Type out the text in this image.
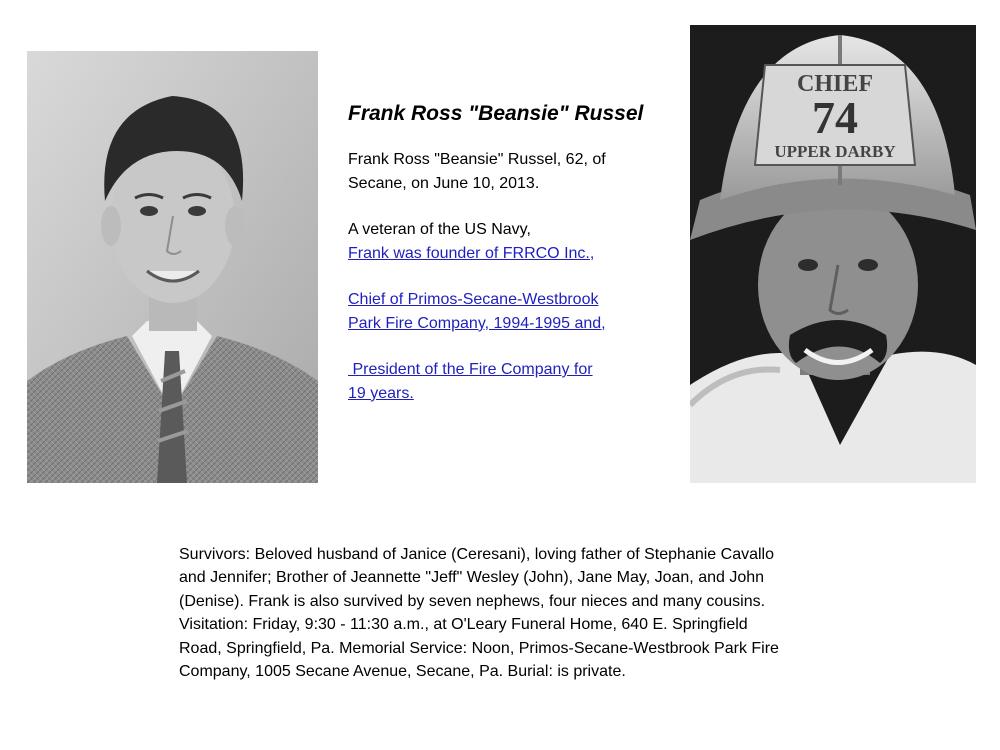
Frank Ross "Beansie" Russel
Frank Ross "Beansie" Russel, 62, of
Secane, on June 10, 2013.
A veteran of the US Navy,
Frank was founder of FRRCO Inc.,
Chief of Primos-Secane-Westbrook
Park Fire Company, 1994-1995 and,
President of the Fire Company for
19 years.
CHIEF
74
UPPER DARBY
Survivors: Beloved husband of Janice (Ceresani), loving father of Stephanie Cavallo
and Jennifer; Brother of Jeannette "Jeff" Wesley (John), Jane May, Joan, and John
(Denise). Frank is also survived by seven nephews, four nieces and many cousins.
Visitation: Friday, 9:30 - 11:30 a.m., at O'Leary Funeral Home, 640 E. Springfield
Road, Springfield, Pa. Memorial Service: Noon, Primos-Secane-Westbrook Park Fire
Company, 1005 Secane Avenue, Secane, Pa. Burial: is private.
